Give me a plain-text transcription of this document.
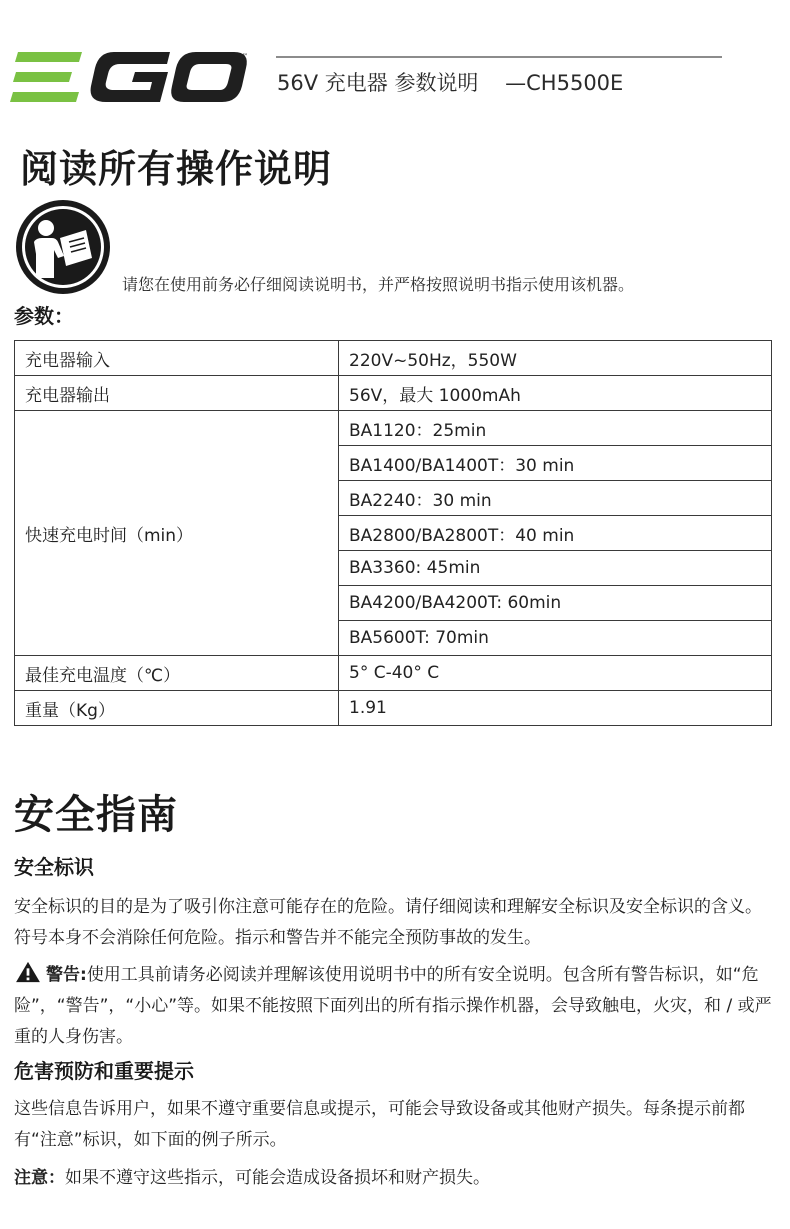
™
56V 充电器 参数说明    —CH5500E
阅读所有操作说明
请您在使用前务必仔细阅读说明书，并严格按照说明书指示使用该机器。
参数：
充电器输入	220V~50Hz，550W
充电器输出	56V，最大 1000mAh
快速充电时间（min）	BA1120：25min
	BA1400/BA1400T：30 min
	BA2240：30 min
	BA2800/BA2800T：40 min
	BA3360: 45min
	BA4200/BA4200T: 60min
	BA5600T: 70min
最佳充电温度（℃）	5° C-40° C
重量（Kg）	1.91
安全指南
安全标识
安全标识的目的是为了吸引你注意可能存在的危险。请仔细阅读和理解安全标识及安全标识的含义。符号本身不会消除任何危险。指示和警告并不能完全预防事故的发生。
警告:使用工具前请务必阅读并理解该使用说明书中的所有安全说明。包含所有警告标识，如“危险”，“警告”，“小心”等。如果不能按照下面列出的所有指示操作机器，会导致触电，火灾，和 / 或严重的人身伤害。
危害预防和重要提示
这些信息告诉用户，如果不遵守重要信息或提示，可能会导致设备或其他财产损失。每条提示前都有“注意”标识，如下面的例子所示。
注意：如果不遵守这些指示，可能会造成设备损坏和财产损失。
